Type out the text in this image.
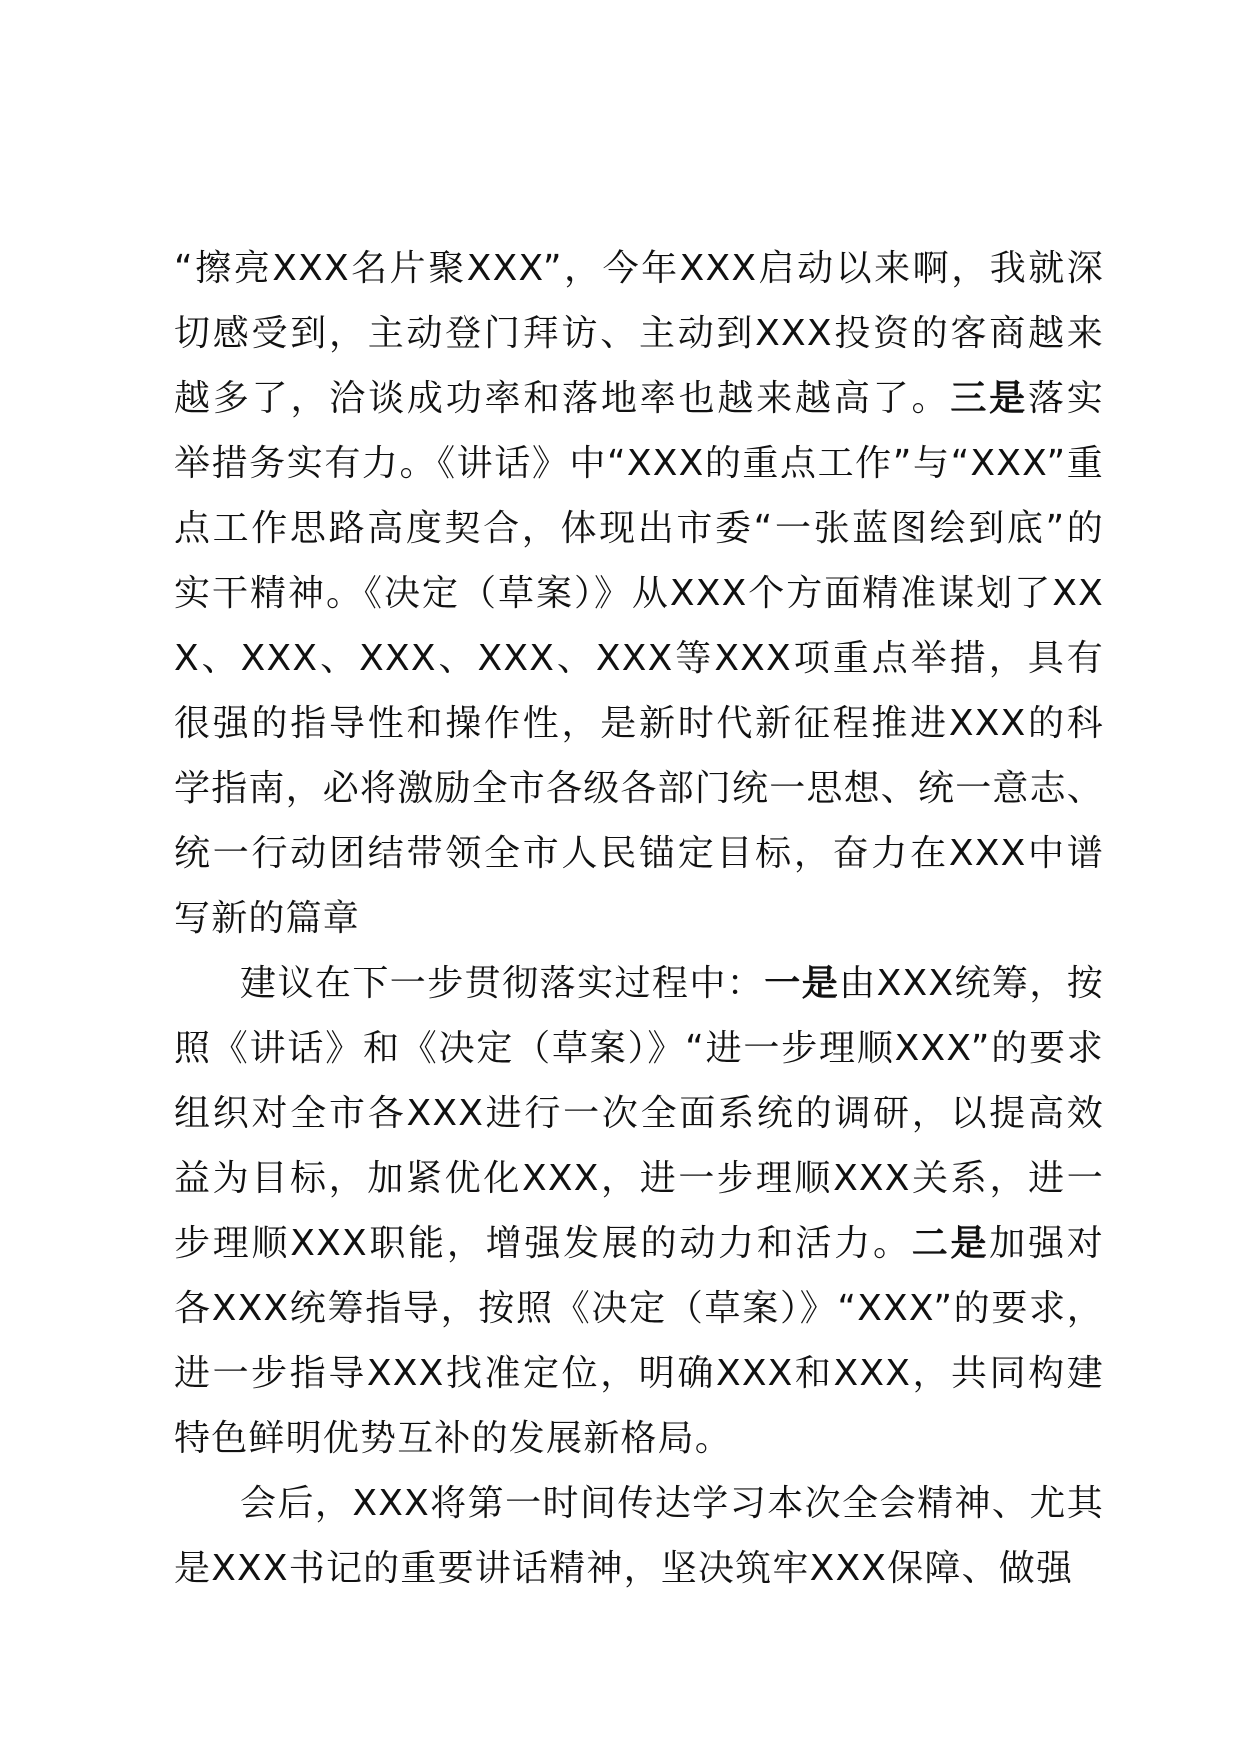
“擦亮XXX名片聚XXX”，今年XXX启动以来啊，我就深切感受到，主动登门拜访、主动到XXX投资的客商越来越多了，洽谈成功率和落地率也越来越高了。三是落实举措务实有力。《讲话》中“XXX的重点工作”与“XXX”重点工作思路高度契合，体现出市委“一张蓝图绘到底”的实干精神。《决定（草案）》从XXX个方面精准谋划了XXX、XXX、XXX、XXX、XXX等XXX项重点举措，具有很强的指导性和操作性，是新时代新征程推进XXX的科学指南，必将激励全市各级各部门统一思想、统一意志、统一行动团结带领全市人民锚定目标，奋力在XXX中谱写新的篇章

建议在下一步贯彻落实过程中：一是由XXX统筹，按照《讲话》和《决定（草案）》“进一步理顺XXX”的要求组织对全市各XXX进行一次全面系统的调研，以提高效益为目标，加紧优化XXX，进一步理顺XXX关系，进一步理顺XXX职能，增强发展的动力和活力。二是加强对各XXX统筹指导，按照《决定（草案）》“XXX”的要求，进一步指导XXX找准定位，明确XXX和XXX，共同构建特色鲜明优势互补的发展新格局。

会后，XXX将第一时间传达学习本次全会精神、尤其是XXX书记的重要讲话精神，坚决筑牢XXX保障、做强
